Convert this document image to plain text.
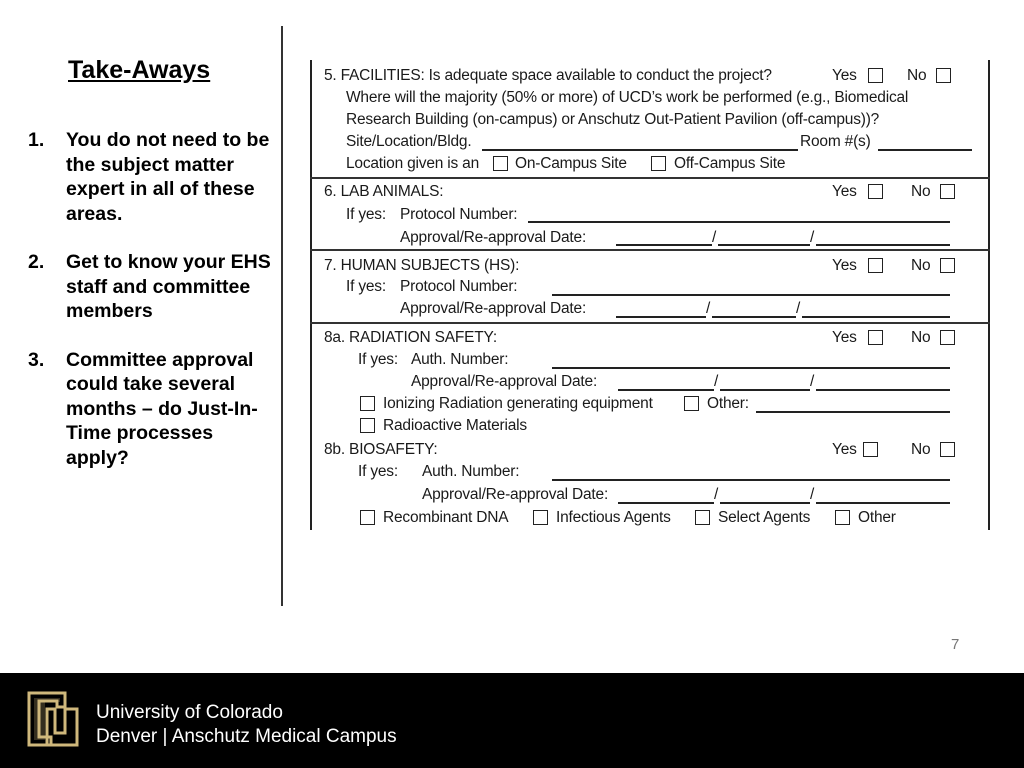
Take-Aways
1.	You do not need to be the subject matter expert in all of these areas.
2.	Get to know your EHS staff and committee members
3.	Committee approval could take several months – do Just-In-Time processes apply?
5. FACILITIES: Is adequate space available to conduct the project?	Yes	No
Where will the majority (50% or more) of UCD’s work be performed (e.g., Biomedical
Research Building (on-campus) or Anschutz Out-Patient Pavilion (off-campus))?
Site/Location/Bldg.	Room #(s)
Location given is an On-Campus Site	Off-Campus Site
6. LAB ANIMALS:	Yes	No
If yes: Protocol Number:
Approval/Re-approval Date:	/	/
7. HUMAN SUBJECTS (HS):	Yes	No
If yes: Protocol Number:
Approval/Re-approval Date:	/	/
8a. RADIATION SAFETY:	Yes	No
If yes: Auth. Number:
Approval/Re-approval Date:	/	/
Ionizing Radiation generating equipment	Other:
Radioactive Materials
8b. BIOSAFETY:	Yes	No
If yes: Auth. Number:
Approval/Re-approval Date:	/	/
Recombinant DNA	Infectious Agents	Select Agents	Other
7
University of Colorado
Denver | Anschutz Medical Campus
